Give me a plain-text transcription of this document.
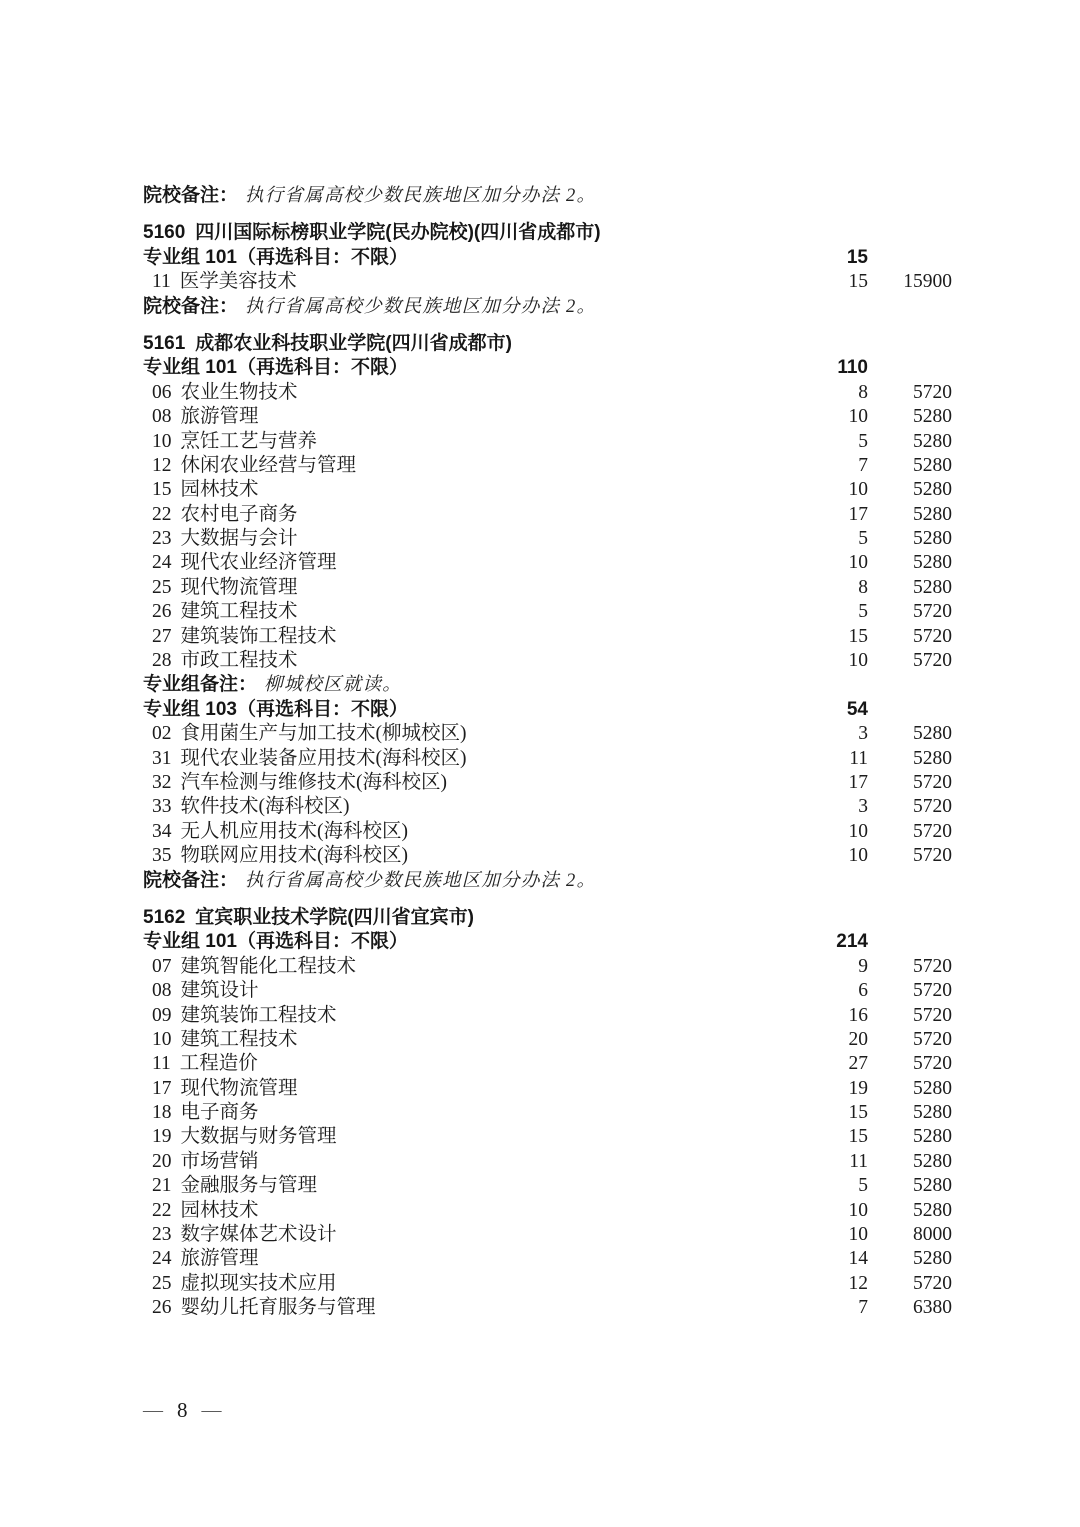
院校备注： 执行省属高校少数民族地区加分办法 2。
5160 四川国际标榜职业学院(民办院校)(四川省成都市)
专业组 101（再选科目：不限）	15
11 医学美容技术	15	15900
院校备注： 执行省属高校少数民族地区加分办法 2。
5161 成都农业科技职业学院(四川省成都市)
专业组 101（再选科目：不限）	110
06 农业生物技术	8	5720
08 旅游管理	10	5280
10 烹饪工艺与营养	5	5280
12 休闲农业经营与管理	7	5280
15 园林技术	10	5280
22 农村电子商务	17	5280
23 大数据与会计	5	5280
24 现代农业经济管理	10	5280
25 现代物流管理	8	5280
26 建筑工程技术	5	5720
27 建筑装饰工程技术	15	5720
28 市政工程技术	10	5720
专业组备注： 柳城校区就读。
专业组 103（再选科目：不限）	54
02 食用菌生产与加工技术(柳城校区)	3	5280
31 现代农业装备应用技术(海科校区)	11	5280
32 汽车检测与维修技术(海科校区)	17	5720
33 软件技术(海科校区)	3	5720
34 无人机应用技术(海科校区)	10	5720
35 物联网应用技术(海科校区)	10	5720
院校备注： 执行省属高校少数民族地区加分办法 2。
5162 宜宾职业技术学院(四川省宜宾市)
专业组 101（再选科目：不限）	214
07 建筑智能化工程技术	9	5720
08 建筑设计	6	5720
09 建筑装饰工程技术	16	5720
10 建筑工程技术	20	5720
11 工程造价	27	5720
17 现代物流管理	19	5280
18 电子商务	15	5280
19 大数据与财务管理	15	5280
20 市场营销	11	5280
21 金融服务与管理	5	5280
22 园林技术	10	5280
23 数字媒体艺术设计	10	8000
24 旅游管理	14	5280
25 虚拟现实技术应用	12	5720
26 婴幼儿托育服务与管理	7	6380
— 8 —
